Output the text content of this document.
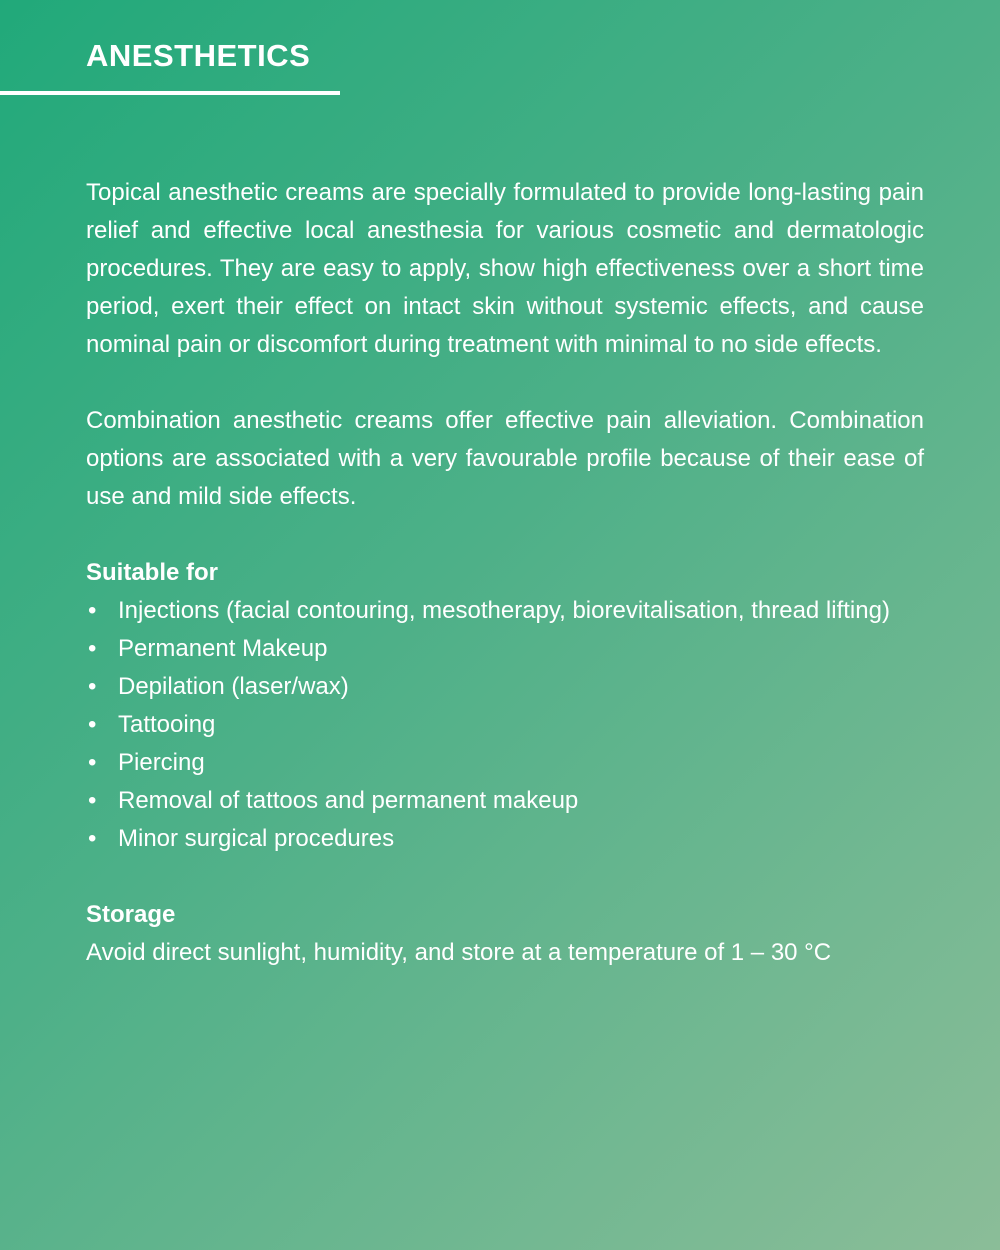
ANESTHETICS

Topical anesthetic creams are specially formulated to provide long-lasting pain relief and effective local anesthesia for various cosmetic and dermatologic procedures. They are easy to apply, show high effectiveness over a short time period, exert their effect on intact skin without systemic effects, and cause nominal pain or discomfort during treatment with minimal to no side effects.

Combination anesthetic creams offer effective pain alleviation. Combination options are associated with a very favourable profile because of their ease of use and mild side effects.

Suitable for
• Injections (facial contouring, mesotherapy, biorevitalisation, thread lifting)
• Permanent Makeup
• Depilation (laser/wax)
• Tattooing
• Piercing
• Removal of tattoos and permanent makeup
• Minor surgical procedures
Storage

Avoid direct sunlight, humidity, and store at a temperature of 1 – 30 °C
